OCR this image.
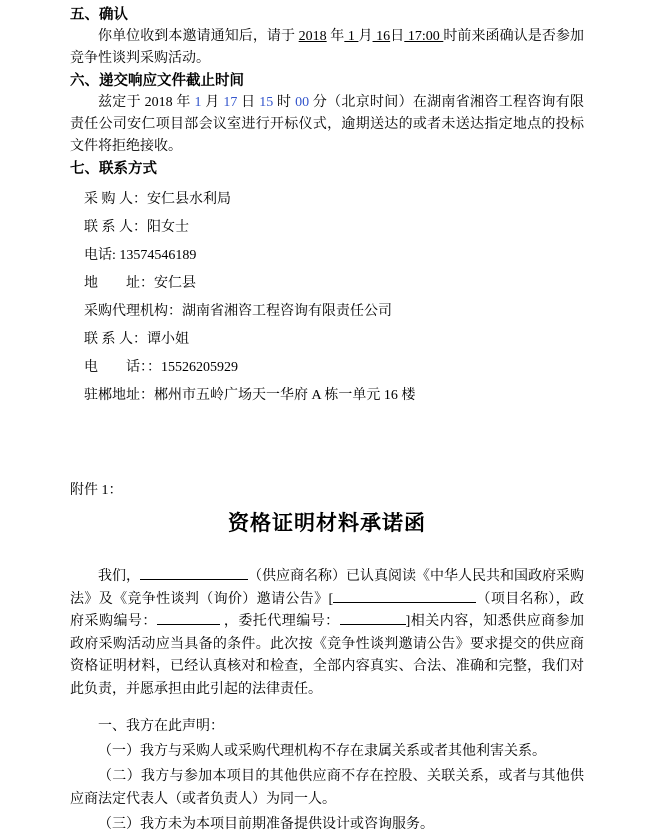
五、确认

你单位收到本邀请通知后，请于 2018 年 1 月 16日 17:00 时前来函确认是否参加竞争性谈判采购活动。

六、递交响应文件截止时间

兹定于 2018 年 1 月 17 日 15 时 00 分（北京时间）在湖南省湘咨工程咨询有限责任公司安仁项目部会议室进行开标仪式，逾期送达的或者未送达指定地点的投标文件将拒绝接收。

七、联系方式

采 购 人：安仁县水利局

联 系 人：阳女士

电话: 13574546189

地　　址：安仁县

采购代理机构：湖南省湘咨工程咨询有限责任公司

联 系 人：谭小姐

电　　话：：15526205929

驻郴地址：郴州市五岭广场天一华府 A 栋一单元 16 楼

附件 1：

资格证明材料承诺函

我们，	（供应商名称）已认真阅读《中华人民共和国政府采购法》及《竞争性谈判（询价）邀请公告》[	（项目名称），政府采购编号：	，委托代理编号：	]相关内容，知悉供应商参加政府采购活动应当具备的条件。此次按《竞争性谈判邀请公告》要求提交的供应商资格证明材料，已经认真核对和检查，全部内容真实、合法、准确和完整，我们对此负责，并愿承担由此引起的法律责任。

一、我方在此声明：

（一）我方与采购人或采购代理机构不存在隶属关系或者其他利害关系。

（二）我方与参加本项目的其他供应商不存在控股、关联关系，或者与其他供应商法定代表人（或者负责人）为同一人。

（三）我方未为本项目前期准备提供设计或咨询服务。
